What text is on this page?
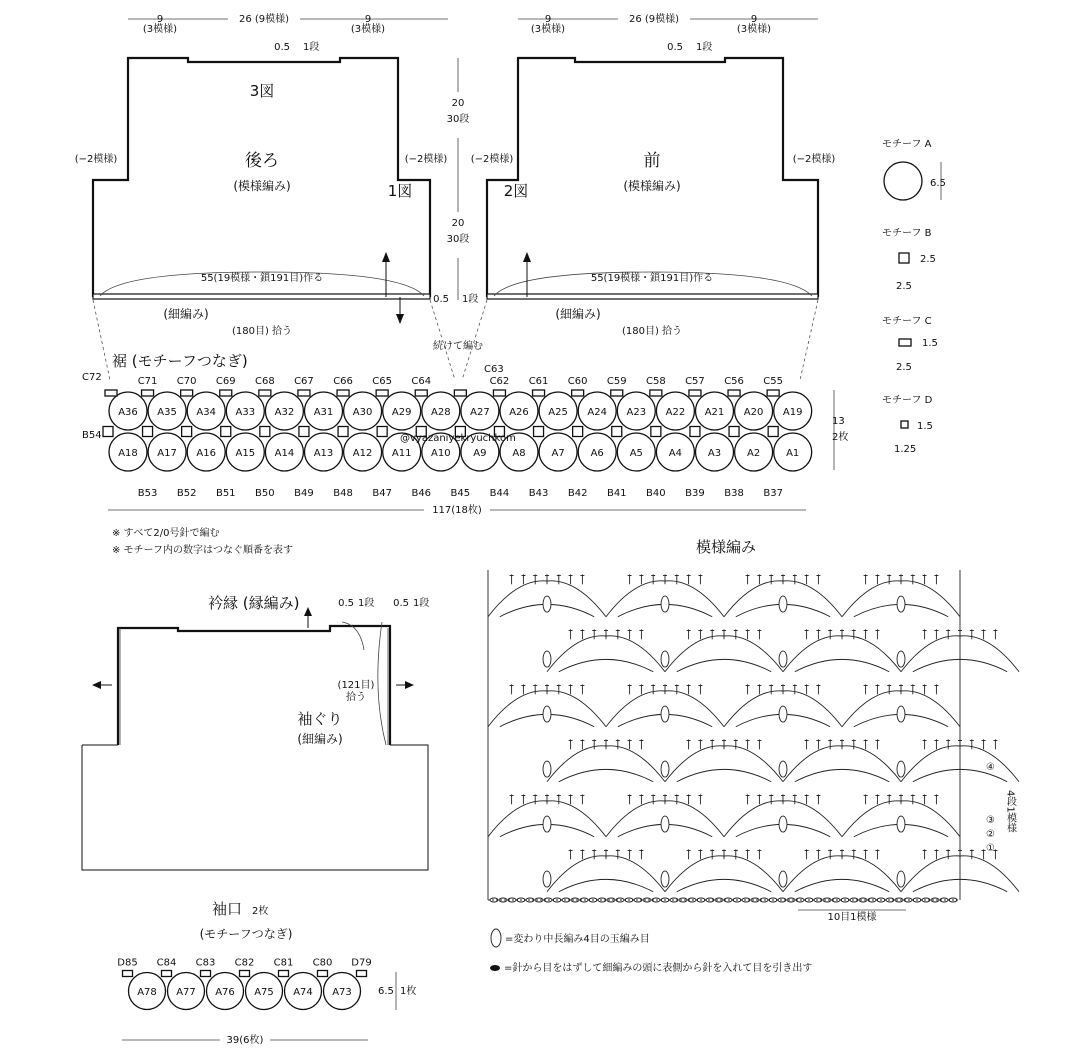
9
(3模様)
26 (9模様)	9
(3模様)
0.5 1段
3図
後ろ
(模様編み)	1図
(−2模様)	(−2模様)
55(19模様・鎖191目)作る
(細編み)
(180目) 拾う
20
30段
20
30段
0.5 1段
続けて編む
9
(3模様)
26 (9模様)	9
(3模様)
0.5 1段
前
(模様編み)
2図
(−2模様)	(−2模様)
55(19模様・鎖191目)作る
(細編み)
(180目) 拾う
モチーフ A
6.5
モチーフ B
2.5
2.5
モチーフ C
1.5
2.5
モチーフ D
1.5
1.25
裾 (モチーフつなぎ)
C72
C63
B54
A36 A35 A34 A33 A32 A31 A30 A29 A28 A27 A26 A25 A24 A23 A22 A21 A20 A19
A18 A17 A16 A15 A14 A13 A12 A11 A10 A9	A8	A7	A6	A5	A4	A3	A2	A1
C71 C70 C69 C68 C67 C66 C65 C64	C62 C61 C60 C59 C58 C57 C56 C55
B53 B52 B51 B50 B49 B48 B47 B46 B45 B44 B43 B42 B41 B40 B39 B38 B37
@vyazaniyekryuchkom
13
2枚
117(18枚)
※ すべて2/0号針で編む
※ モチーフ内の数字はつなぐ順番を表す
衿縁 (縁編み)	0.5 1段 0.5 1段
(121目)
拾う
袖ぐり
(細編み)
袖口 2枚
(モチーフつなぎ)
A78 A77 A76 A75 A74 A73
D85 C84 C83 C82 C81 C80 D79
6.5 1枚
39(6枚)
模様編み
④
③
②
①
4段1模様
10目1模様
=変わり中長編み4目の玉編み目
=針から目をはずして細編みの頭に表側から針を入れて目を引き出す
